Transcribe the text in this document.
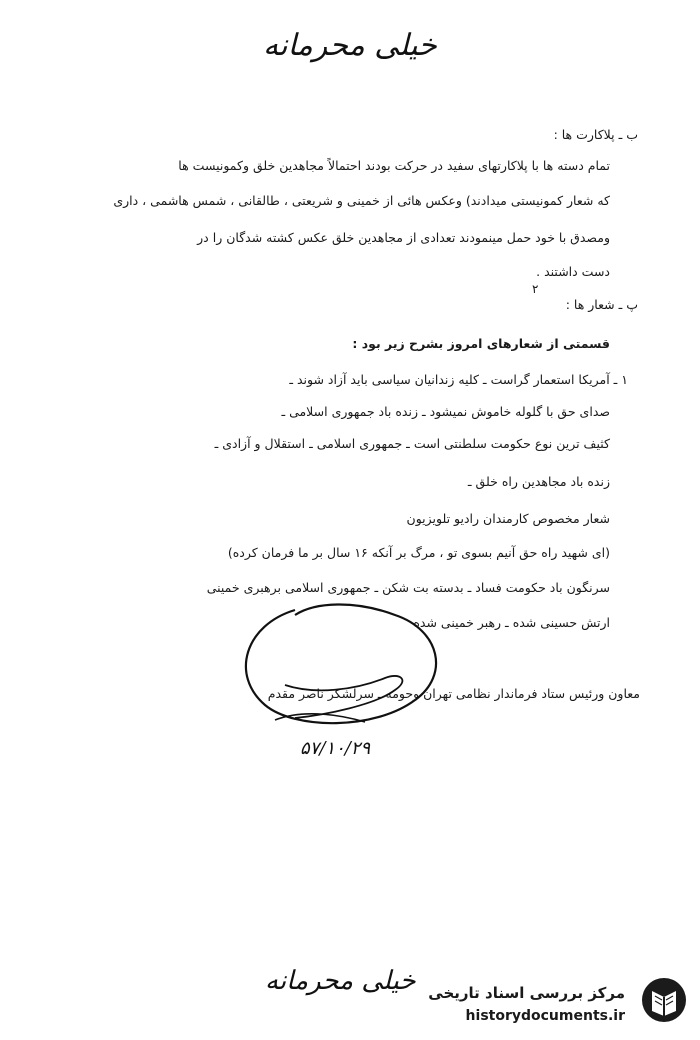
خیلی محرمانه
ب ـ پلاکارت ها :
تمام دسته ها با پلاکارتهای سفید در حرکت بودند احتمالاً مجاهدین خلق وکمونیست ها
که شعار کمونیستی میدادند) وعکس هائی از خمینی و شریعتی ، طالقانی ، شمس‌ هاشمی ، داری
ومصدق با خود حمل مینمودند تعدادی از مجاهدین خلق عکس کشته شدگان را در
دست داشتند .
۲
پ ـ شعار ها :
قسمتی از شعارهای امروز بشرح زیر بود :
۱ ـ آمریکا استعمار گراست ـ کلیه زندانیان سیاسی باید آزاد شوند ـ
صدای حق با گلوله خاموش نمیشود ـ زنده باد جمهوری اسلامی ـ
کثیف ترین نوع حکومت سلطنتی است ـ جمهوری اسلامی ـ استقلال و آزادی ـ
زنده باد مجاهدین راه خلق ـ
شعار مخصوص کارمندان رادیو تلویزیون
(ای شهید راه حق آنیم بسوی تو ، مرگ بر آنکه ۱۶ سال بر ما فرمان کرده)
سرنگون باد حکومت فساد ـ بدسته ‌بت شکن ـ جمهوری اسلامی برهبری خمینی
ارتش حسینی شده ـ رهبر خمینی شده
معاون ورئیس ستاد فرماندار نظامی تهران وحومه ـ سرلشکر ناصر مقدم
۵۷/۱۰/۲۹
خیلی محرمانه مرکز بررسی اسناد تاریخی
historydocuments.ir
